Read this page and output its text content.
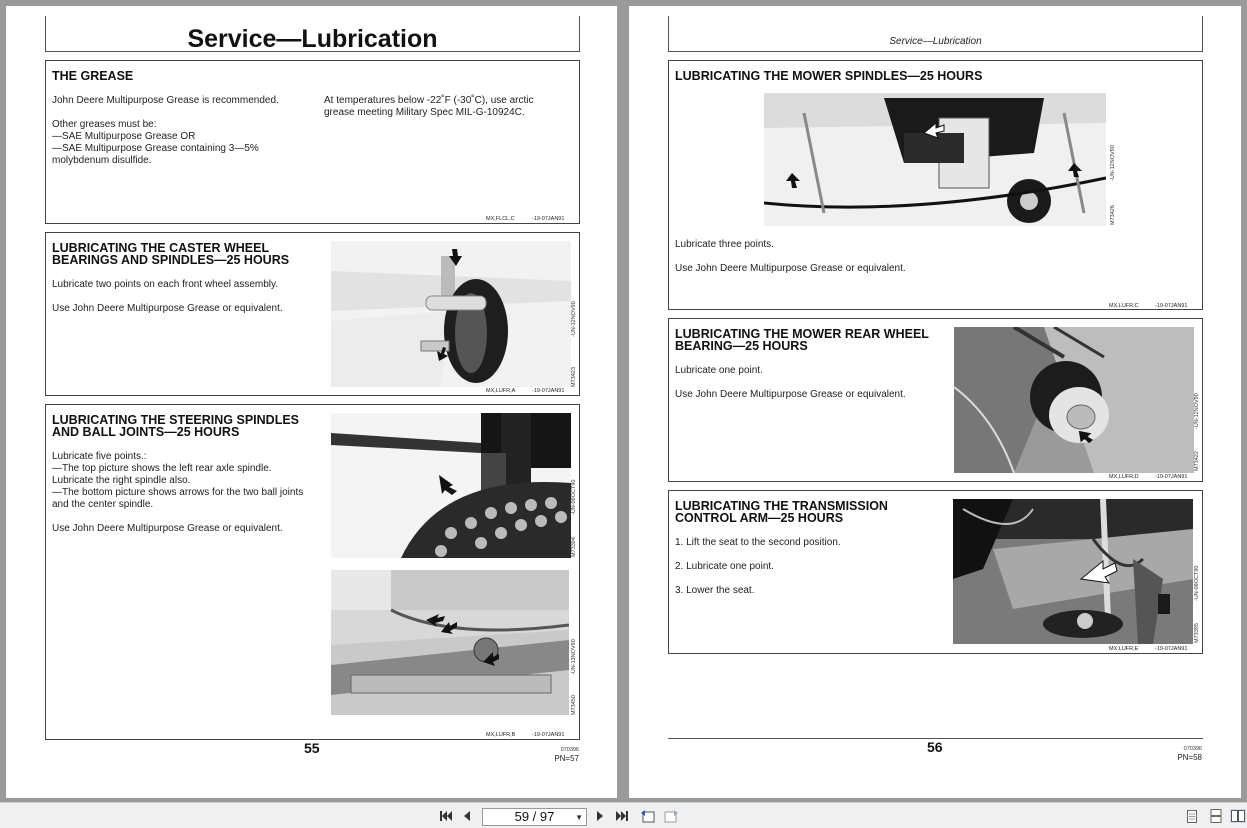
Service—Lubrication
THE GREASE
John Deere Multipurpose Grease is recommended.

Other greases must be:
—SAE Multipurpose Grease OR
—SAE Multipurpose Grease containing 3—5%
molybdenum disulfide.
At temperatures below -22˚F (-30˚C), use arctic
grease meeting Military Spec MIL-G-10924C.
MX,FLCL,C	-19-07JAN91
LUBRICATING THE CASTER WHEEL
BEARINGS AND SPINDLES—25 HOURS
Lubricate two points on each front wheel assembly.

Use John Deere Multipurpose Grease or equivalent.	-UN-12NOV90
M73423
MX,LUFR,A	-19-07JAN91
LUBRICATING THE STEERING SPINDLES
AND BALL JOINTS—25 HOURS
Lubricate five points.:
—The top picture shows the left rear axle spindle.
Lubricate the right spindle also.
—The bottom picture shows arrows for the two ball joints
and the center spindle.

Use John Deere Multipurpose Grease or equivalent.
-UN-09OCT90
M73394
-UN-13NOV90
M73450
MX,LUFR,B	-19-07JAN91
55	070396
PN=57
Service—Lubrication
LUBRICATING THE MOWER SPINDLES—25 HOURS
-UN-12NOV90
M73426
Lubricate three points.

Use John Deere Multipurpose Grease or equivalent.
MX,LUFR,C	-19-07JAN91
LUBRICATING THE MOWER REAR WHEEL
BEARING—25 HOURS
Lubricate one point.

Use John Deere Multipurpose Grease or equivalent.	-UN-12NOV90
M73422
MX,LUFR,D	-19-07JAN91
LUBRICATING THE TRANSMISSION
CONTROL ARM—25 HOURS
1. Lift the seat to the second position.

2. Lubricate one point.

3. Lower the seat.	-UN-09OCT90
M73395
MX,LUFR,E	-19-07JAN91
56	070396
PN=58
59 / 97	▼
